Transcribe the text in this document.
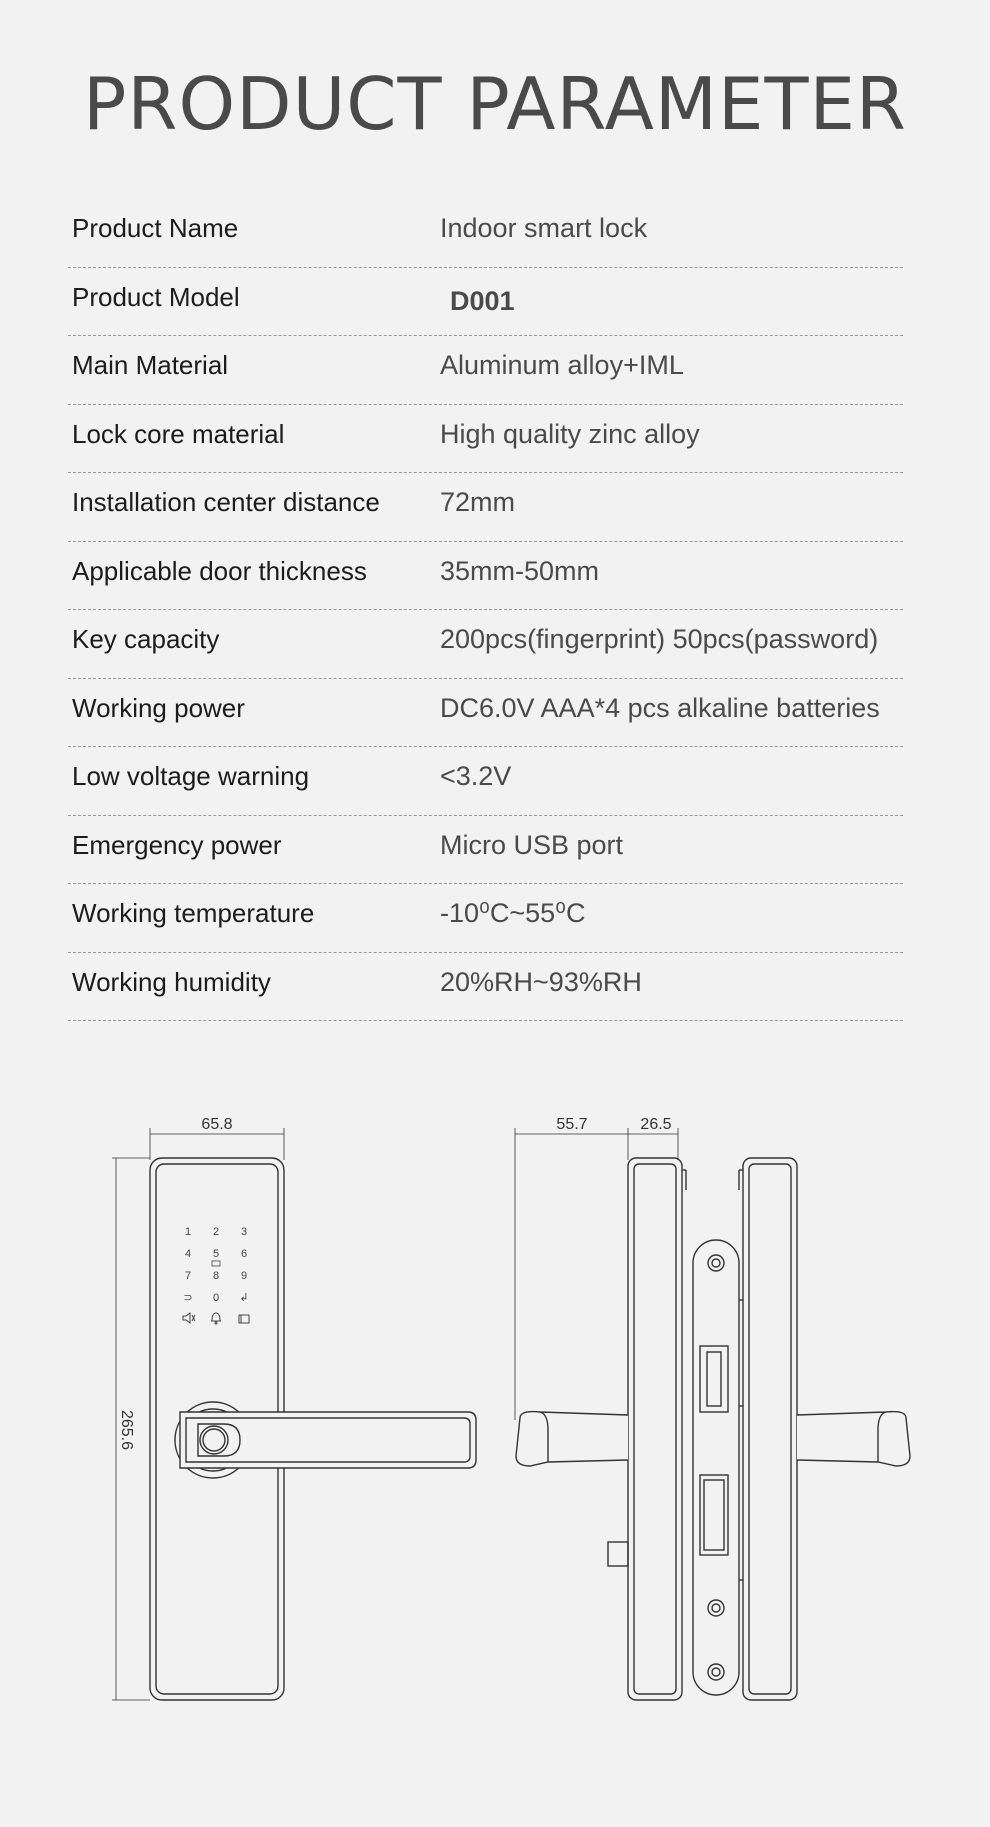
PRODUCT PARAMETER
Product Name	Indoor smart lock
Product Model	D001
Main Material	Aluminum alloy+IML
Lock core material	High quality zinc alloy
Installation center distance 72mm
Applicable door thickness	35mm-50mm
Key capacity	200pcs(fingerprint) 50pcs(password)
Working power	DC6.0V AAA*4 pcs alkaline batteries
Low voltage warning	<3.2V
Emergency power	Micro USB port
Working temperature	-10⁰C~55⁰C
Working humidity	20%RH~93%RH
65.8
265.6
55.7	26.5
1 2 3
4 5 6
7 8 9
⊃ 0 ↲
